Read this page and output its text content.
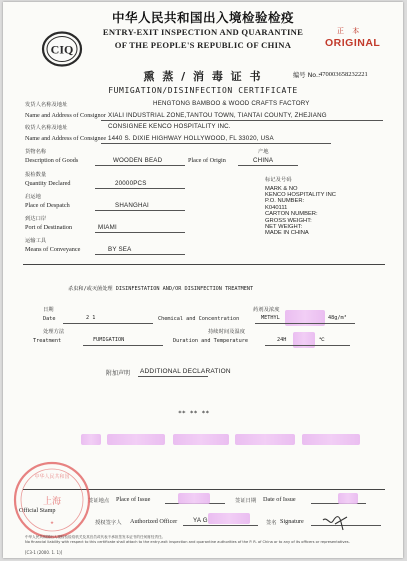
CIQ
中华人民共和国出入境检验检疫
ENTRY-EXIT INSPECTION AND QUARANTINE
OF THE PEOPLE'S REPUBLIC OF CHINA
正 本
ORIGINAL
熏 蒸 / 消 毒 证 书	编号 No.:
470003658232221
FUMIGATION/DISINFECTION CERTIFICATE
发货人名称及地址	HENGTONG BAMBOO & WOOD CRAFTS FACTORY
Name and Address of Consignor XIALI INDUSTRIAL ZONE,TANTOU TOWN, TIANTAI COUNTY, ZHEJIANG
收货人名称及地址	CONSIGNEE KENCO HOSPITALITY INC.
Name and Address of Consignee 1440 S. DIXIE HIGHWAY HOLLYWOOD, FL 33020, USA
货物名称	产地
Description of Goods	WOODEN BEAD	Place of Origin	CHINA
报检数量
Quantity Declared	20000PCS
启运地
Place of Despatch	SHANGHAI
到达口岸
Port of Destination	MIAMI
运输工具
Means of Conveyance	BY SEA
标记及号码
MARK & NO
KENCO HOSPITALITY INC
P.O. NUMBER:
K040111
CARTON NUMBER:
GROSS WEIGHT:
NET WEIGHT:
MADE IN CHINA
杀虫和/或灭菌处理 DISINFESTATION AND/OR DISINFECTION TREATMENT
日期	药剂及浓度
Date	2 1	Chemical and Concentration	METHYL	48g/m³
处理方法	持续时间及温度
Treatment	FUMIGATION	Duration and Temperature	24H	℃
附加声明 ADDITIONAL DECLARATION
** ** **
签证地点 Place of Issue	签证日期 Date of Issue
Official Stamp
授权签字人 Authorized Officer	YA G	签名 Signature
中华人民共和国
上海
★
中华人民共和国出入境检验检疫机关及其官员或代表不承担签发本证书的任何财经责任。
No financial liability with respect to this certificate shall attach to the entry-exit inspection and quarantine authorities of the P. R. of China or to any of its officers or representatives.
[C3-1 (2000. 1. 1)]
